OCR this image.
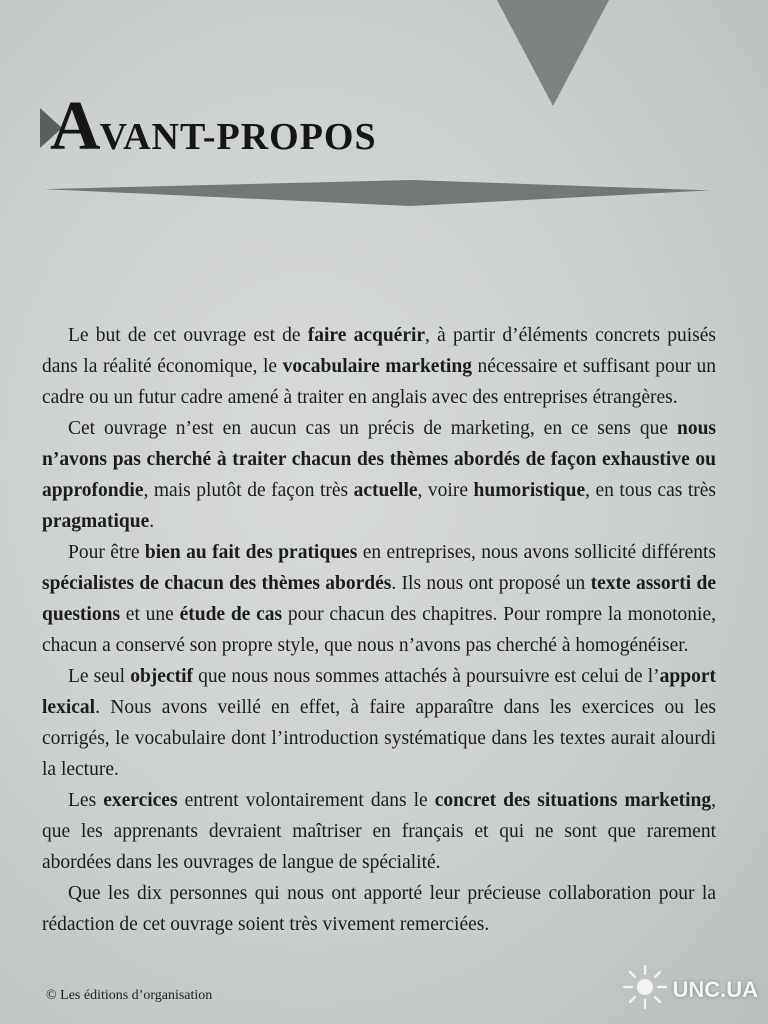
AVANT-PROPOS

Le but de cet ouvrage est de faire acquérir, à partir d’éléments concrets puisés dans la réalité économique, le vocabulaire marketing nécessaire et suffisant pour un cadre ou un futur cadre amené à traiter en anglais avec des entreprises étrangères.

Cet ouvrage n’est en aucun cas un précis de marketing, en ce sens que nous n’avons pas cherché à traiter chacun des thèmes abordés de façon exhaustive ou approfondie, mais plutôt de façon très actuelle, voire humoristique, en tous cas très pragmatique.

Pour être bien au fait des pratiques en entreprises, nous avons sollicité différents spécialistes de chacun des thèmes abordés. Ils nous ont proposé un texte assorti de questions et une étude de cas pour chacun des chapitres. Pour rompre la monotonie, chacun a conservé son propre style, que nous n’avons pas cherché à homogénéiser.

Le seul objectif que nous nous sommes attachés à poursuivre est celui de l’apport lexical. Nous avons veillé en effet, à faire apparaître dans les exercices ou les corrigés, le vocabulaire dont l’introduction systématique dans les textes aurait alourdi la lecture.

Les exercices entrent volontairement dans le concret des situations marketing, que les apprenants devraient maîtriser en français et qui ne sont que rarement abordées dans les ouvrages de langue de spécialité.

Que les dix personnes qui nous ont apporté leur précieuse collaboration pour la rédaction de cet ouvrage soient très vivement remerciées.

© Les éditions d’organisation	UNC.UA
